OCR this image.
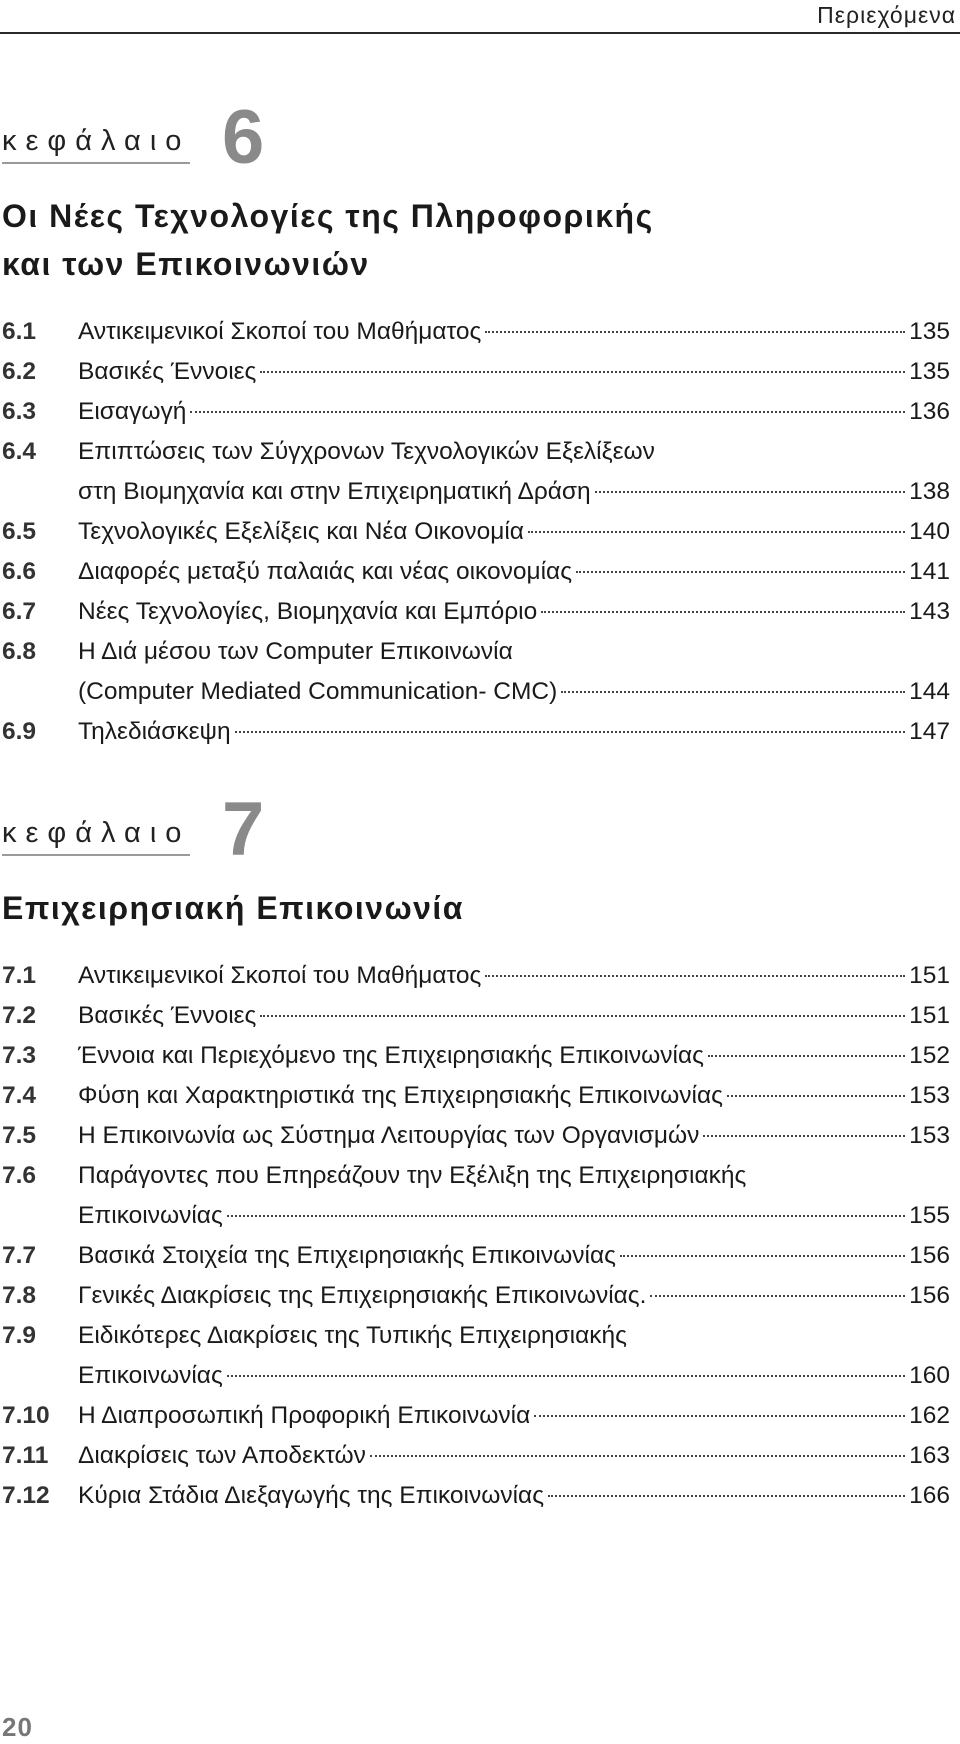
Περιεχόμενα
κεφάλαιο 6
Οι Νέες Τεχνολογίες της Πληροφορικής
και των Επικοινωνιών
6.1	Αντικειμενικοί Σκοποί του Μαθήματος	135
6.2	Βασικές Έννοιες	135
6.3	Εισαγωγή	136
6.4	Επιπτώσεις των Σύγχρονων Τεχνολογικών Εξελίξεων
στη Βιομηχανία και στην Επιχειρηματική Δράση	138
6.5	Τεχνολογικές Εξελίξεις και Νέα Οικονομία	140
6.6	Διαφορές μεταξύ παλαιάς και νέας οικονομίας	141
6.7	Νέες Τεχνολογίες, Βιομηχανία και Εμπόριο	143
6.8	Η Διά μέσου των Computer Επικοινωνία
(Computer Mediated Communication- CMC)	144
6.9	Τηλεδιάσκεψη	147
κεφάλαιο 7
Επιχειρησιακή Επικοινωνία
7.1	Αντικειμενικοί Σκοποί του Μαθήματος	151
7.2	Βασικές Έννοιες	151
7.3	Έννοια και Περιεχόμενο της Επιχειρησιακής Επικοινωνίας	152
7.4	Φύση και Χαρακτηριστικά της Επιχειρησιακής Επικοινωνίας	153
7.5	Η Επικοινωνία ως Σύστημα Λειτουργίας των Οργανισμών	153
7.6	Παράγοντες που Επηρεάζουν την Εξέλιξη της Επιχειρησιακής
Επικοινωνίας	155
7.7	Βασικά Στοιχεία της Επιχειρησιακής Επικοινωνίας	156
7.8	Γενικές Διακρίσεις της Επιχειρησιακής Επικοινωνίας.	156
7.9	Ειδικότερες Διακρίσεις της Τυπικής Επιχειρησιακής
Επικοινωνίας	160
7.10	Η Διαπροσωπική Προφορική Επικοινωνία	162
7.11	Διακρίσεις των Αποδεκτών	163
7.12	Κύρια Στάδια Διεξαγωγής της Επικοινωνίας	166
20
